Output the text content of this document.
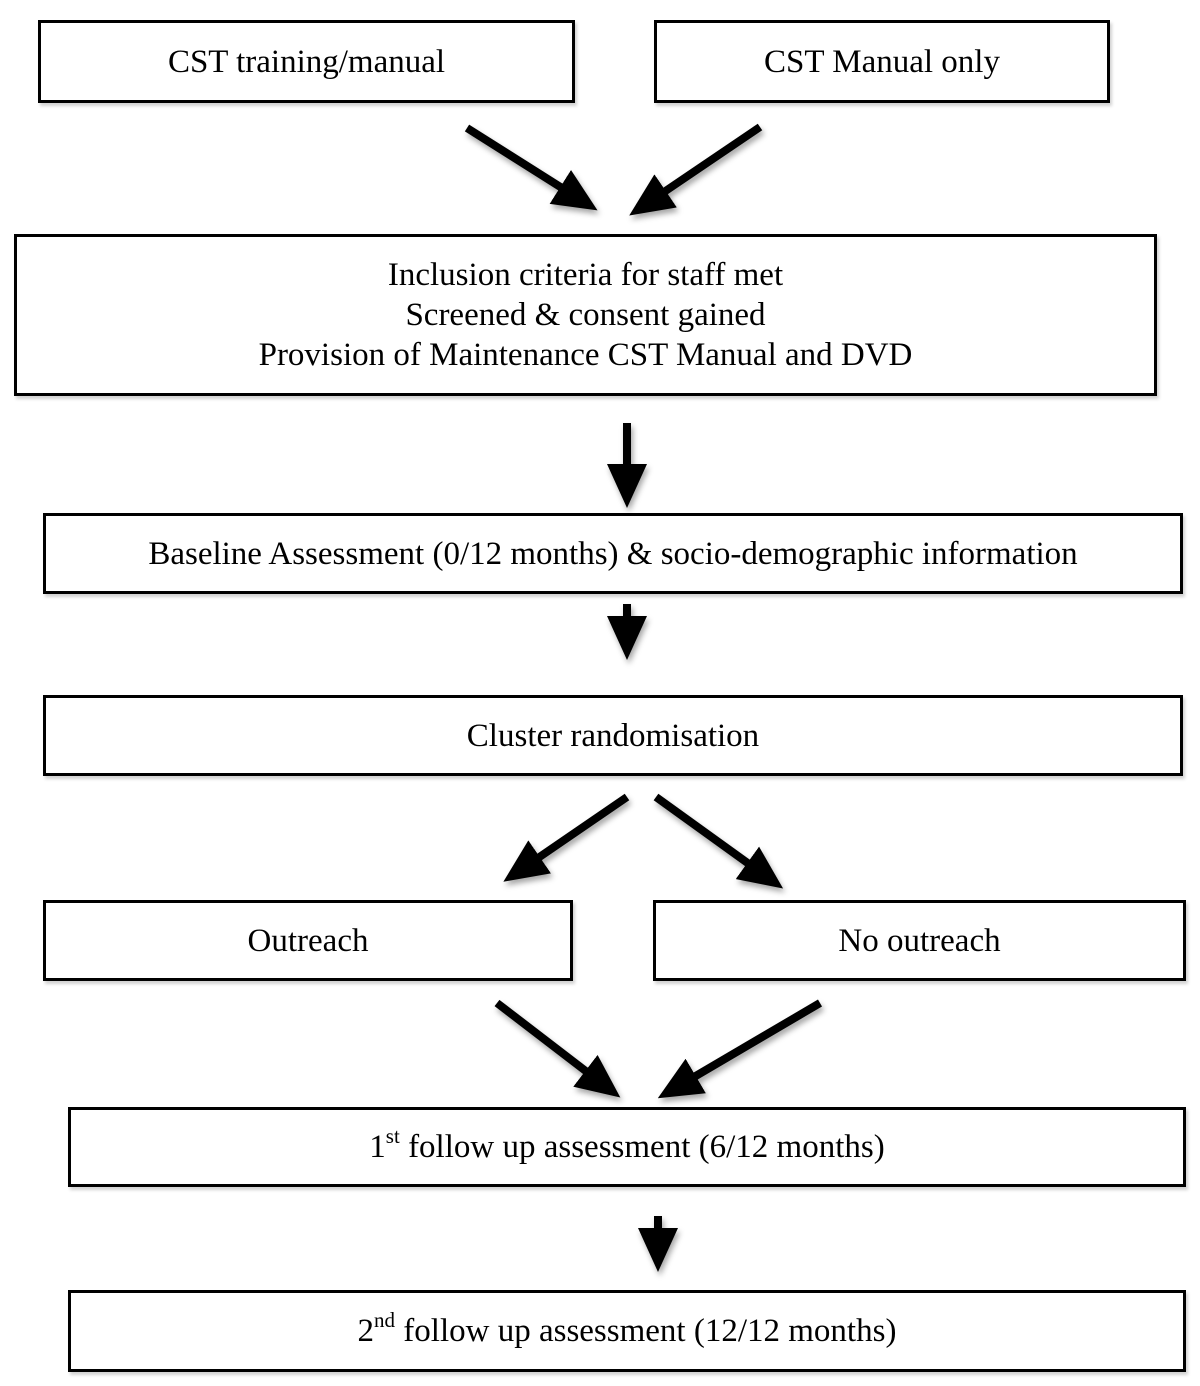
CST training/manual	CST Manual only
Inclusion criteria for staff met
Screened & consent gained
Provision of Maintenance CST Manual and DVD
Baseline Assessment (0/12 months) & socio-demographic information
Cluster randomisation
Outreach	No outreach
1st follow up assessment (6/12 months)
2nd follow up assessment (12/12 months)
